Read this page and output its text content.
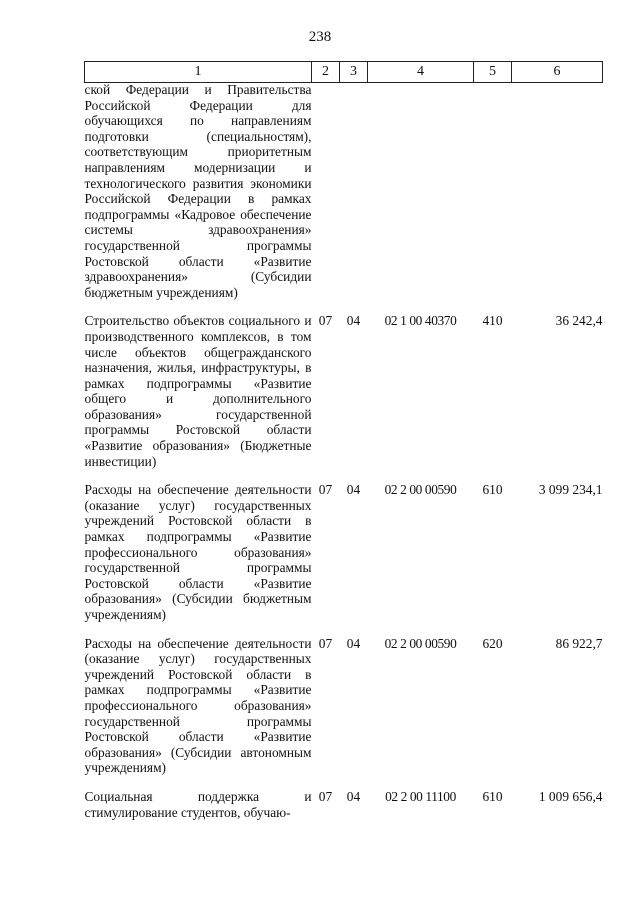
238
1	2	3	4	5	6

ской Федерации и Правительства Российской Федерации для обучающихся по направлениям подготовки (специальностям), соответствующим приоритетным направлениям модернизации и технологического развития экономики Российской Федерации в рамках подпрограммы «Кадровое обеспечение системы здравоохранения» государственной программы Ростовской области «Развитие здравоохранения» (Субсидии бюджетным учреждениям)					

Строительство объектов социального и производственного комплексов, в том числе объектов общегражданского назначения, жилья, инфраструктуры, в рамках подпрограммы «Развитие общего и дополнительного образования» государственной программы Ростовской области «Развитие образования» (Бюджетные инвестиции)	07	04	02 1 00 40370	410	36 242,4

Расходы на обеспечение деятельности (оказание услуг) государственных учреждений Ростовской области в рамках подпрограммы «Развитие профессионального образования» государственной программы Ростовской области «Развитие образования» (Субсидии бюджетным учреждениям)	07	04	02 2 00 00590	610	3 099 234,1

Расходы на обеспечение деятельности (оказание услуг) государственных учреждений Ростовской области в рамках подпрограммы «Развитие профессионального образования» государственной программы Ростовской области «Развитие образования» (Субсидии автономным учреждениям)	07	04	02 2 00 00590	620	86 922,7

Социальная поддержка и стимулирование студентов, обучаю-	07	04	02 2 00 11100	610	1 009 656,4
